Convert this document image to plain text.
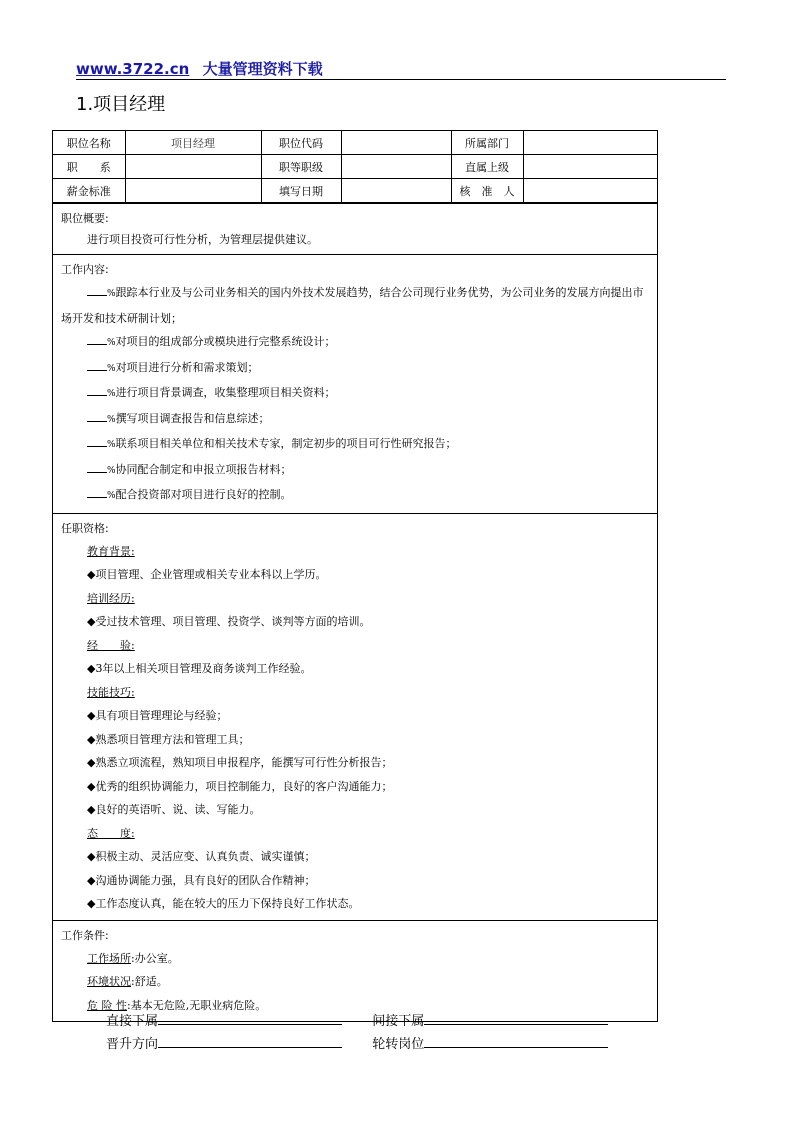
www.3722.cn 大量管理资料下载
1.项目经理
职位名称	项目经理	职位代码		所属部门	
职　　系		职等职级		直属上级	
薪金标准		填写日期		核　准　人	
职位概要:
进行项目投资可行性分析，为管理层提供建议。
工作内容:
%跟踪本行业及与公司业务相关的国内外技术发展趋势，结合公司现行业务优势，为公司业务的发展方向提出市场开发和技术研制计划；
%对项目的组成部分或模块进行完整系统设计；
%对项目进行分析和需求策划；
%进行项目背景调查，收集整理项目相关资料；
%撰写项目调查报告和信息综述；
%联系项目相关单位和相关技术专家，制定初步的项目可行性研究报告；
%协同配合制定和申报立项报告材料；
%配合投资部对项目进行良好的控制。
任职资格:
教育背景:
◆项目管理、企业管理或相关专业本科以上学历。
培训经历:
◆受过技术管理、项目管理、投资学、谈判等方面的培训。
经　　验:
◆3年以上相关项目管理及商务谈判工作经验。
技能技巧:
◆具有项目管理理论与经验；
◆熟悉项目管理方法和管理工具；
◆熟悉立项流程，熟知项目申报程序，能撰写可行性分析报告；
◆优秀的组织协调能力，项目控制能力，良好的客户沟通能力；
◆良好的英语听、说、读、写能力。
态　　度:
◆积极主动、灵活应变、认真负责、诚实谨慎；
◆沟通协调能力强，具有良好的团队合作精神；
◆工作态度认真，能在较大的压力下保持良好工作状态。
工作条件:
工作场所:办公室。
环境状况:舒适。
危 险 性:基本无危险,无职业病危险。
直接下属	间接下属
晋升方向	轮转岗位
